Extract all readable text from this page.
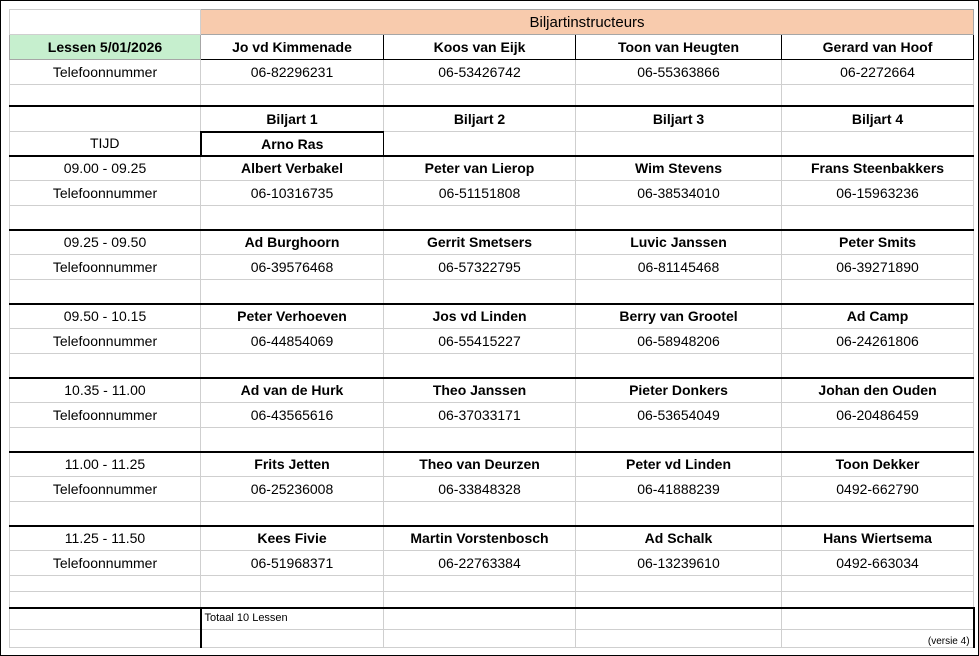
	Biljartinstructeurs			
Lessen 5/01/2026	Jo vd Kimmenade	Koos van Eijk	Toon van Heugten	Gerard van Hoof
Telefoonnummer	06-82296231	06-53426742	06-55363866	06-2272664

	Biljart 1	Biljart 2	Biljart 3	Biljart 4
TIJD	Arno Ras			
09.00 - 09.25	Albert Verbakel	Peter van Lierop	Wim Stevens	Frans Steenbakkers
Telefoonnummer	06-10316735	06-51151808	06-38534010	06-15963236

09.25 - 09.50	Ad Burghoorn	Gerrit Smetsers	Luvic Janssen	Peter Smits
Telefoonnummer	06-39576468	06-57322795	06-81145468	06-39271890

09.50 - 10.15	Peter Verhoeven	Jos vd Linden	Berry van Grootel	Ad Camp
Telefoonnummer	06-44854069	06-55415227	06-58948206	06-24261806

10.35 - 11.00	Ad van de Hurk	Theo Janssen	Pieter Donkers	Johan den Ouden
Telefoonnummer	06-43565616	06-37033171	06-53654049	06-20486459

11.00 - 11.25	Frits Jetten	Theo van Deurzen	Peter vd Linden	Toon Dekker
Telefoonnummer	06-25236008	06-33848328	06-41888239	0492-662790

11.25 - 11.50	Kees Fivie	Martin Vorstenbosch	Ad Schalk	Hans Wiertsema
Telefoonnummer	06-51968371	06-22763384	06-13239610	0492-663034

	Totaal 10 Lessen			
				(versie 4)
